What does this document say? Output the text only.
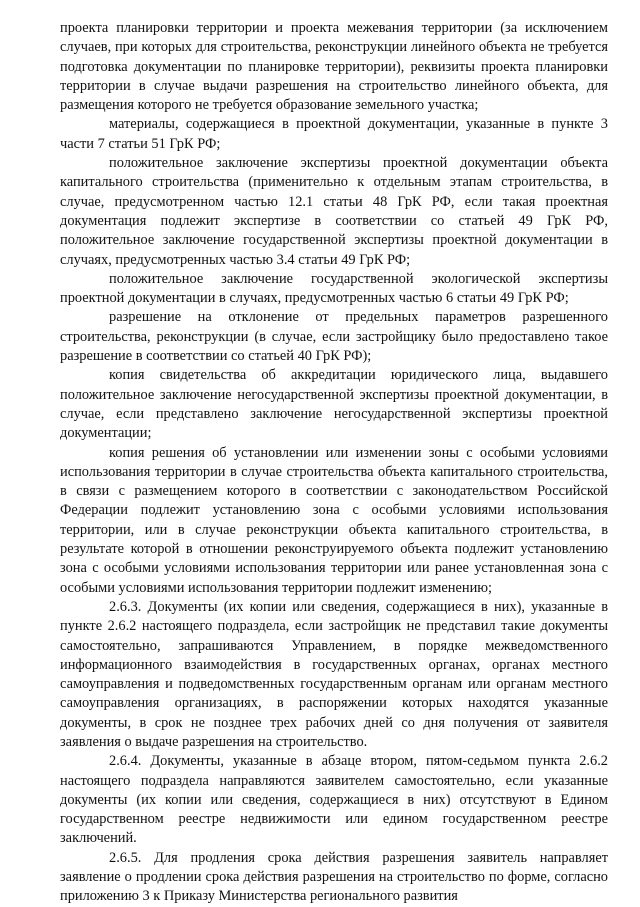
проекта планировки территории и проекта межевания территории (за исключением случаев, при которых для строительства, реконструкции линейного объекта не требуется подготовка документации по планировке территории), реквизиты проекта планировки территории в случае выдачи разрешения на строительство линейного объекта, для размещения которого не требуется образование земельного участка;

материалы, содержащиеся в проектной документации, указанные в пункте 3 части 7 статьи 51 ГрК РФ;

положительное заключение экспертизы проектной документации объекта капитального строительства (применительно к отдельным этапам строительства, в случае, предусмотренном частью 12.1 статьи 48 ГрК РФ, если такая проектная документация подлежит экспертизе в соответствии со статьей 49 ГрК РФ, положительное заключение государственной экспертизы проектной документации в случаях, предусмотренных частью 3.4 статьи 49 ГрК РФ;

положительное заключение государственной экологической экспертизы проектной документации в случаях, предусмотренных частью 6 статьи 49 ГрК РФ;

разрешение на отклонение от предельных параметров разрешенного строительства, реконструкции (в случае, если застройщику было предоставлено такое разрешение в соответствии со статьей 40 ГрК РФ);

копия свидетельства об аккредитации юридического лица, выдавшего положительное заключение негосударственной экспертизы проектной документации, в случае, если представлено заключение негосударственной экспертизы проектной документации;

копия решения об установлении или изменении зоны с особыми условиями использования территории в случае строительства объекта капитального строительства, в связи с размещением которого в соответствии с законодательством Российской Федерации подлежит установлению зона с особыми условиями использования территории, или в случае реконструкции объекта капитального строительства, в результате которой в отношении реконструируемого объекта подлежит установлению зона с особыми условиями использования территории или ранее установленная зона с особыми условиями использования территории подлежит изменению;

2.6.3. Документы (их копии или сведения, содержащиеся в них), указанные в пункте 2.6.2 настоящего подраздела, если застройщик не представил такие документы самостоятельно, запрашиваются Управлением, в порядке межведомственного информационного взаимодействия в государственных органах, органах местного самоуправления и подведомственных государственным органам или органам местного самоуправления организациях, в распоряжении которых находятся указанные документы, в срок не позднее трех рабочих дней со дня получения от заявителя заявления о выдаче разрешения на строительство.

2.6.4. Документы, указанные в абзаце втором, пятом-седьмом пункта 2.6.2 настоящего подраздела направляются заявителем самостоятельно, если указанные документы (их копии или сведения, содержащиеся в них) отсутствуют в Едином государственном реестре недвижимости или едином государственном реестре заключений.

2.6.5. Для продления срока действия разрешения заявитель направляет заявление о продлении срока действия разрешения на строительство по форме, согласно приложению 3 к Приказу Министерства регионального развития
